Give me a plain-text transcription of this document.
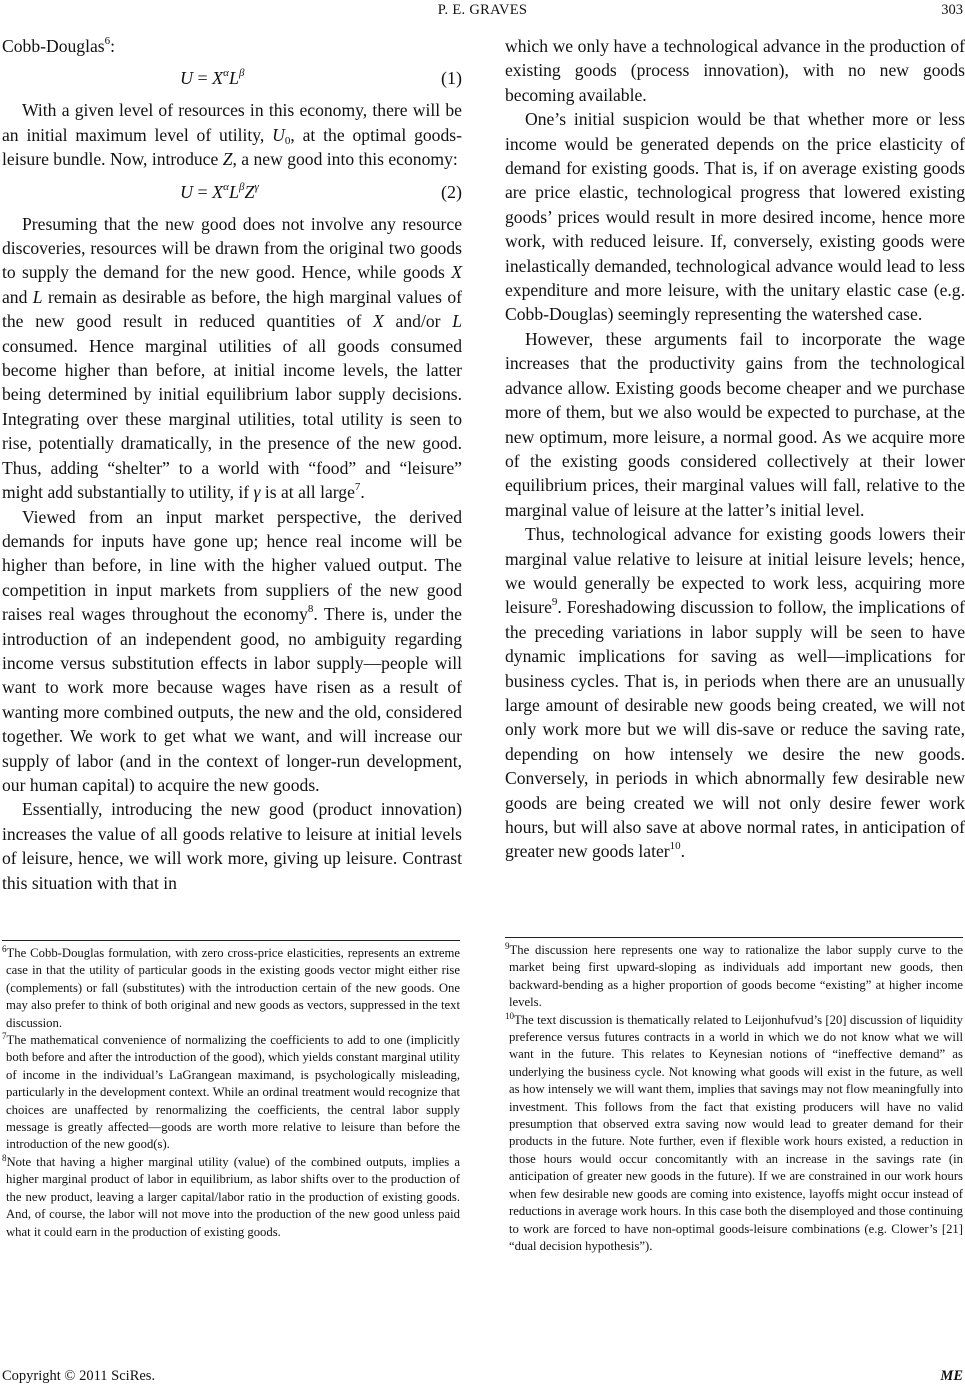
P. E. GRAVES	303

Cobb-Douglas$^6$:

$U = X^\alpha L^\beta$	(1)

With a given level of resources in this economy, there will be an initial maximum level of utility, $U_0$, at the optimal goods-leisure bundle. Now, introduce Z, a new good into this economy:

$U = X^\alpha L^\beta Z^\gamma$	(2)

Presuming that the new good does not involve any resource discoveries, resources will be drawn from the original two goods to supply the demand for the new good. Hence, while goods X and L remain as desirable as before, the high marginal values of the new good result in reduced quantities of X and/or L consumed. Hence marginal utilities of all goods consumed become higher than before, at initial income levels, the latter being determined by initial equilibrium labor supply decisions. Integrating over these marginal utilities, total utility is seen to rise, potentially dramatically, in the presence of the new good. Thus, adding “shelter” to a world with “food” and “leisure” might add substantially to utility, if γ is at all large$^7$.

Viewed from an input market perspective, the derived demands for inputs have gone up; hence real income will be higher than before, in line with the higher valued output. The competition in input markets from suppliers of the new good raises real wages throughout the economy$^8$. There is, under the introduction of an independent good, no ambiguity regarding income versus substitution effects in labor supply—people will want to work more because wages have risen as a result of wanting more combined outputs, the new and the old, considered together. We work to get what we want, and will increase our supply of labor (and in the context of longer-run development, our human capital) to acquire the new goods.

Essentially, introducing the new good (product innovation) increases the value of all goods relative to leisure at initial levels of leisure, hence, we will work more, giving up leisure. Contrast this situation with that in

which we only have a technological advance in the production of existing goods (process innovation), with no new goods becoming available.

One’s initial suspicion would be that whether more or less income would be generated depends on the price elasticity of demand for existing goods. That is, if on average existing goods are price elastic, technological progress that lowered existing goods’ prices would result in more desired income, hence more work, with reduced leisure. If, conversely, existing goods were inelastically demanded, technological advance would lead to less expenditure and more leisure, with the unitary elastic case (e.g. Cobb-Douglas) seemingly representing the watershed case.

However, these arguments fail to incorporate the wage increases that the productivity gains from the technological advance allow. Existing goods become cheaper and we purchase more of them, but we also would be expected to purchase, at the new optimum, more leisure, a normal good. As we acquire more of the existing goods considered collectively at their lower equilibrium prices, their marginal values will fall, relative to the marginal value of leisure at the latter’s initial level.

Thus, technological advance for existing goods lowers their marginal value relative to leisure at initial leisure levels; hence, we would generally be expected to work less, acquiring more leisure$^9$. Foreshadowing discussion to follow, the implications of the preceding variations in labor supply will be seen to have dynamic implications for saving as well—implications for business cycles. That is, in periods when there are an unusually large amount of desirable new goods being created, we will not only work more but we will dis-save or reduce the saving rate, depending on how intensely we desire the new goods. Conversely, in periods in which abnormally few desirable new goods are being created we will not only desire fewer work hours, but will also save at above normal rates, in anticipation of greater new goods later$^{10}$.

$^6$The Cobb-Douglas formulation, with zero cross-price elasticities, represents an extreme case in that the utility of particular goods in the existing goods vector might either rise (complements) or fall (substitutes) with the introduction certain of the new goods. One may also prefer to think of both original and new goods as vectors, suppressed in the text discussion.

$^7$The mathematical convenience of normalizing the coefficients to add to one (implicitly both before and after the introduction of the good), which yields constant marginal utility of income in the individual’s LaGrangean maximand, is psychologically misleading, particularly in the development context. While an ordinal treatment would recognize that choices are unaffected by renormalizing the coefficients, the central labor supply message is greatly affected―goods are worth more relative to leisure than before the introduction of the new good(s).

$^8$Note that having a higher marginal utility (value) of the combined outputs, implies a higher marginal product of labor in equilibrium, as labor shifts over to the production of the new product, leaving a larger capital/labor ratio in the production of existing goods. And, of course, the labor will not move into the production of the new good unless paid what it could earn in the production of existing goods.

$^9$The discussion here represents one way to rationalize the labor supply curve to the market being first upward-sloping as individuals add important new goods, then backward-bending as a higher proportion of goods become “existing” at higher income levels.

$^{10}$The text discussion is thematically related to Leijonhufvud’s [20] discussion of liquidity preference versus futures contracts in a world in which we do not know what we will want in the future. This relates to Keynesian notions of “ineffective demand” as underlying the business cycle. Not knowing what goods will exist in the future, as well as how intensely we will want them, implies that savings may not flow meaningfully into investment. This follows from the fact that existing producers will have no valid presumption that observed extra saving now would lead to greater demand for their products in the future. Note further, even if flexible work hours existed, a reduction in those hours would occur concomitantly with an increase in the savings rate (in anticipation of greater new goods in the future). If we are constrained in our work hours when few desirable new goods are coming into existence, layoffs might occur instead of reductions in average work hours. In this case both the disemployed and those continuing to work are forced to have non-optimal goods-leisure combinations (e.g. Clower’s [21] “dual decision hypothesis”).

Copyright © 2011 SciRes.	ME
